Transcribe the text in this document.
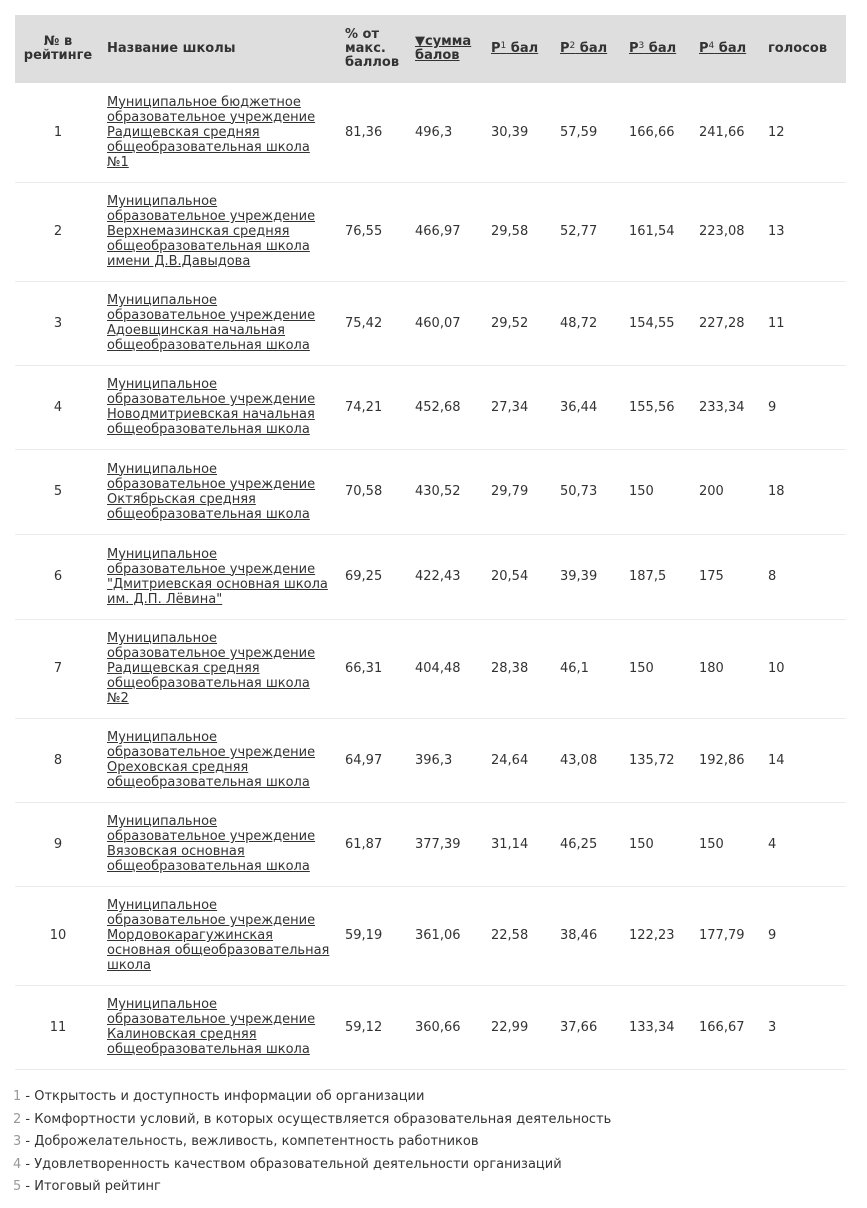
№ в рейтинге	Название школы	% от макс. баллов	▼сумма балов	$P^1$ бал	$P^2$ бал	$P^3$ бал	$P^4$ бал	голосов
1	Муниципальное бюджетное образовательное учреждение Радищевская средняя общеобразовательная школа №1	81,36	496,3	30,39	57,59	166,66	241,66	12
2	Муниципальное образовательное учреждение Верхнемазинская средняя общеобразовательная школа имени Д.В.Давыдова	76,55	466,97	29,58	52,77	161,54	223,08	13
3	Муниципальное образовательное учреждение Адоевщинская начальная общеобразовательная школа	75,42	460,07	29,52	48,72	154,55	227,28	11
4	Муниципальное образовательное учреждение Новодмитриевская начальная общеобразовательная школа	74,21	452,68	27,34	36,44	155,56	233,34	9
5	Муниципальное образовательное учреждение Октябрьская средняя общеобразовательная школа	70,58	430,52	29,79	50,73	150	200	18
6	Муниципальное образовательное учреждение "Дмитриевская основная школа им. Д.П. Лёвина"	69,25	422,43	20,54	39,39	187,5	175	8
7	Муниципальное образовательное учреждение Радищевская средняя общеобразовательная школа №2	66,31	404,48	28,38	46,1	150	180	10
8	Муниципальное образовательное учреждение Ореховская средняя общеобразовательная школа	64,97	396,3	24,64	43,08	135,72	192,86	14
9	Муниципальное образовательное учреждение Вязовская основная общеобразовательная школа	61,87	377,39	31,14	46,25	150	150	4
10	Муниципальное образовательное учреждение Мордовокарагужинская основная общеобразовательная школа	59,19	361,06	22,58	38,46	122,23	177,79	9
11	Муниципальное образовательное учреждение Калиновская средняя общеобразовательная школа	59,12	360,66	22,99	37,66	133,34	166,67	3
1 - Открытость и доступность информации об организации
2 - Комфортности условий, в которых осуществляется образовательная деятельность
3 - Доброжелательность, вежливость, компетентность работников
4 - Удовлетворенность качеством образовательной деятельности организаций
5 - Итоговый рейтинг
